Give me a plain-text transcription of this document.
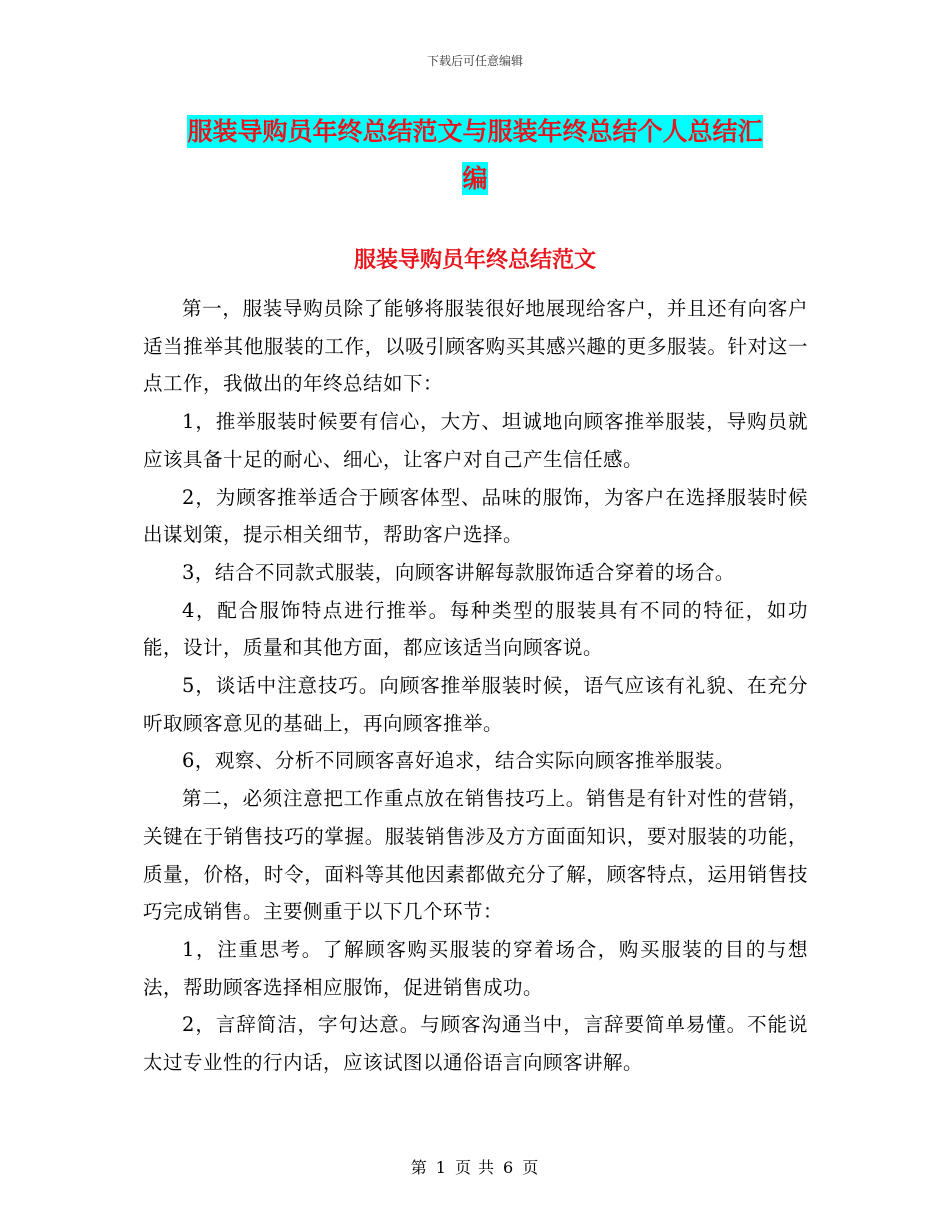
下载后可任意编辑
服装导购员年终总结范文与服装年终总结个人总结汇
编
服装导购员年终总结范文

第一，服装导购员除了能够将服装很好地展现给客户，并且还有向客户适当推举其他服装的工作，以吸引顾客购买其感兴趣的更多服装。针对这一点工作，我做出的年终总结如下：

1，推举服装时候要有信心，大方、坦诚地向顾客推举服装，导购员就应该具备十足的耐心、细心，让客户对自己产生信任感。

2，为顾客推举适合于顾客体型、品味的服饰，为客户在选择服装时候出谋划策，提示相关细节，帮助客户选择。

3，结合不同款式服装，向顾客讲解每款服饰适合穿着的场合。

4，配合服饰特点进行推举。每种类型的服装具有不同的特征，如功能，设计，质量和其他方面，都应该适当向顾客说。

5，谈话中注意技巧。向顾客推举服装时候，语气应该有礼貌、在充分听取顾客意见的基础上，再向顾客推举。

6，观察、分析不同顾客喜好追求，结合实际向顾客推举服装。

第二，必须注意把工作重点放在销售技巧上。销售是有针对性的营销，关键在于销售技巧的掌握。服装销售涉及方方面面知识，要对服装的功能，质量，价格，时令，面料等其他因素都做充分了解，顾客特点，运用销售技巧完成销售。主要侧重于以下几个环节：

1，注重思考。了解顾客购买服装的穿着场合，购买服装的目的与想法，帮助顾客选择相应服饰，促进销售成功。

2，言辞简洁，字句达意。与顾客沟通当中，言辞要简单易懂。不能说太过专业性的行内话，应该试图以通俗语言向顾客讲解。

第 1 页 共 6 页
